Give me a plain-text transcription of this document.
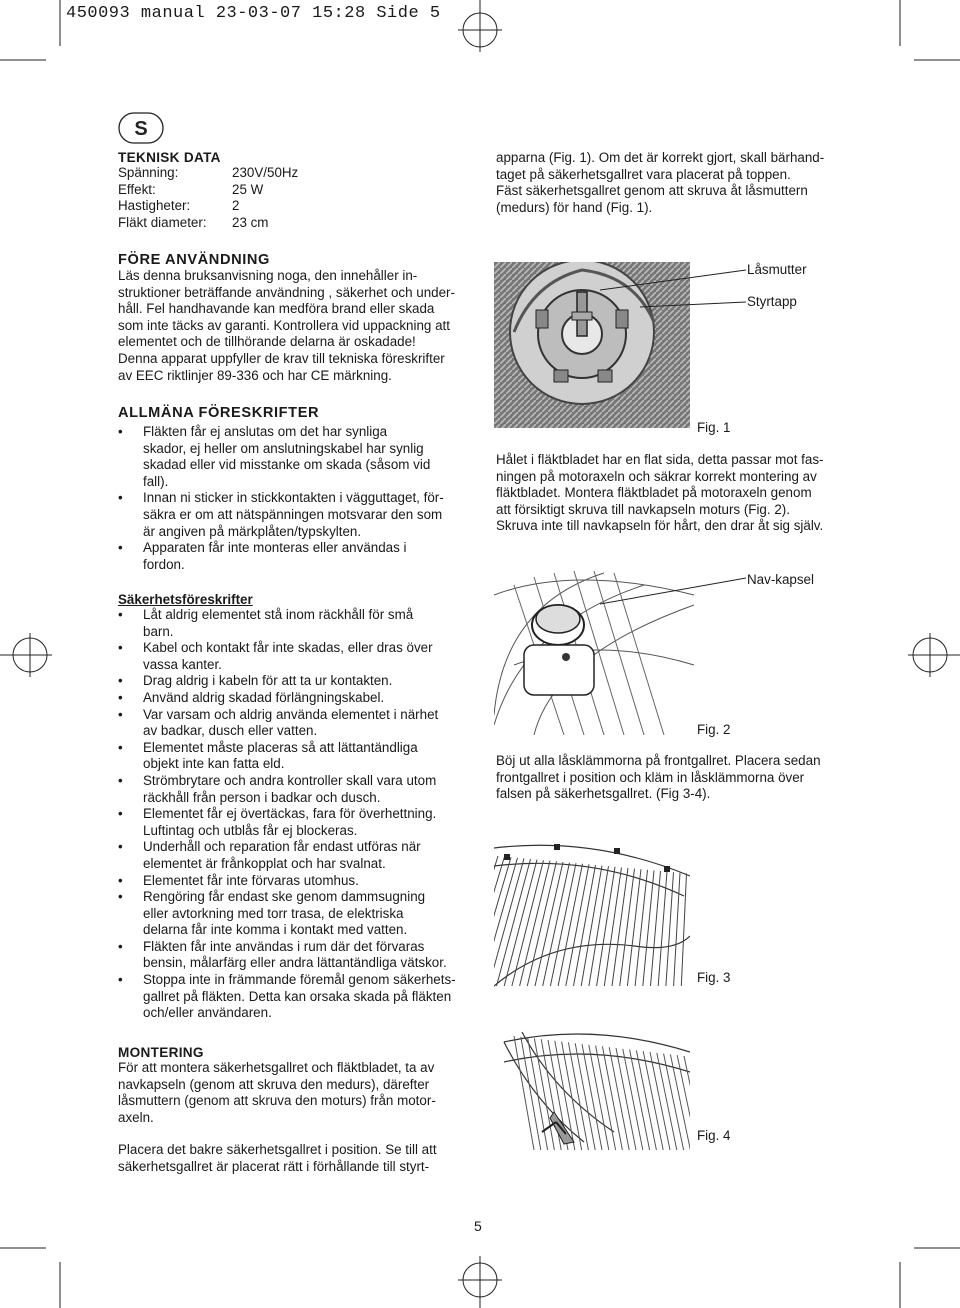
450093 manual 23-03-07 15:28 Side 5
S
TEKNISK DATA
Spänning:	230V/50Hz
Effekt:	25 W
Hastigheter:	2
Fläkt diameter:	23 cm
FÖRE ANVÄNDNING
Läs denna bruksanvisning noga, den innehåller in-
struktioner beträffande användning , säkerhet och under-
håll. Fel handhavande kan medföra brand eller skada
som inte täcks av garanti. Kontrollera vid uppackning att
elementet och de tillhörande delarna är oskadade!
Denna apparat uppfyller de krav till tekniska föreskrifter
av EEC riktlinjer 89-336 och har CE märkning.
ALLMÄNA FÖRESKRIFTER
• Fläkten får ej anslutas om det har synliga
skador, ej heller om anslutningskabel har synlig
skadad eller vid misstanke om skada (såsom vid
fall).
• Innan ni sticker in stickkontakten i vägguttaget, för-
säkra er om att nätspänningen motsvarar den som
är angiven på märkplåten/typskylten.
• Apparaten får inte monteras eller användas i
fordon.
Säkerhetsföreskrifter
• Låt aldrig elementet stå inom räckhåll för små
barn.
• Kabel och kontakt får inte skadas, eller dras över
vassa kanter.
• Drag aldrig i kabeln för att ta ur kontakten.
• Använd aldrig skadad förlängningskabel.
• Var varsam och aldrig använda elementet i närhet
av badkar, dusch eller vatten.
• Elementet måste placeras så att lättantändliga
objekt inte kan fatta eld.
• Strömbrytare och andra kontroller skall vara utom
räckhåll från person i badkar och dusch.
• Elementet får ej övertäckas, fara för överhettning.
Luftintag och utblås får ej blockeras.
• Underhåll och reparation får endast utföras när
elementet är frånkopplat och har svalnat.
• Elementet får inte förvaras utomhus.
• Rengöring får endast ske genom dammsugning
eller avtorkning med torr trasa, de elektriska
delarna får inte komma i kontakt med vatten.
• Fläkten får inte användas i rum där det förvaras
bensin, målarfärg eller andra lättantändliga vätskor.
• Stoppa inte in främmande föremål genom säkerhets-
gallret på fläkten. Detta kan orsaka skada på fläkten
och/eller användaren.
MONTERING
För att montera säkerhetsgallret och fläktbladet, ta av
navkapseln (genom att skruva den medurs), därefter
låsmuttern (genom att skruva den moturs) från motor-
axeln.
Placera det bakre säkerhetsgallret i position. Se till att
säkerhetsgallret är placerat rätt i förhållande till styrt-
apparna (Fig. 1). Om det är korrekt gjort, skall bärhand-
taget på säkerhetsgallret vara placerat på toppen.
Fäst säkerhetsgallret genom att skruva åt låsmuttern
(medurs) för hand (Fig. 1).
Låsmutter
Styrtapp
Fig. 1
Hålet i fläktbladet har en flat sida, detta passar mot fas-
ningen på motoraxeln och säkrar korrekt montering av
fläktbladet. Montera fläktbladet på motoraxeln genom
att försiktigt skruva till navkapseln moturs (Fig. 2).
Skruva inte till navkapseln för hårt, den drar åt sig själv.
Nav-kapsel
Fig. 2
Böj ut alla låsklämmorna på frontgallret. Placera sedan
frontgallret i position och kläm in låsklämmorna över
falsen på säkerhetsgallret. (Fig 3-4).
Fig. 3
Fig. 4
5
